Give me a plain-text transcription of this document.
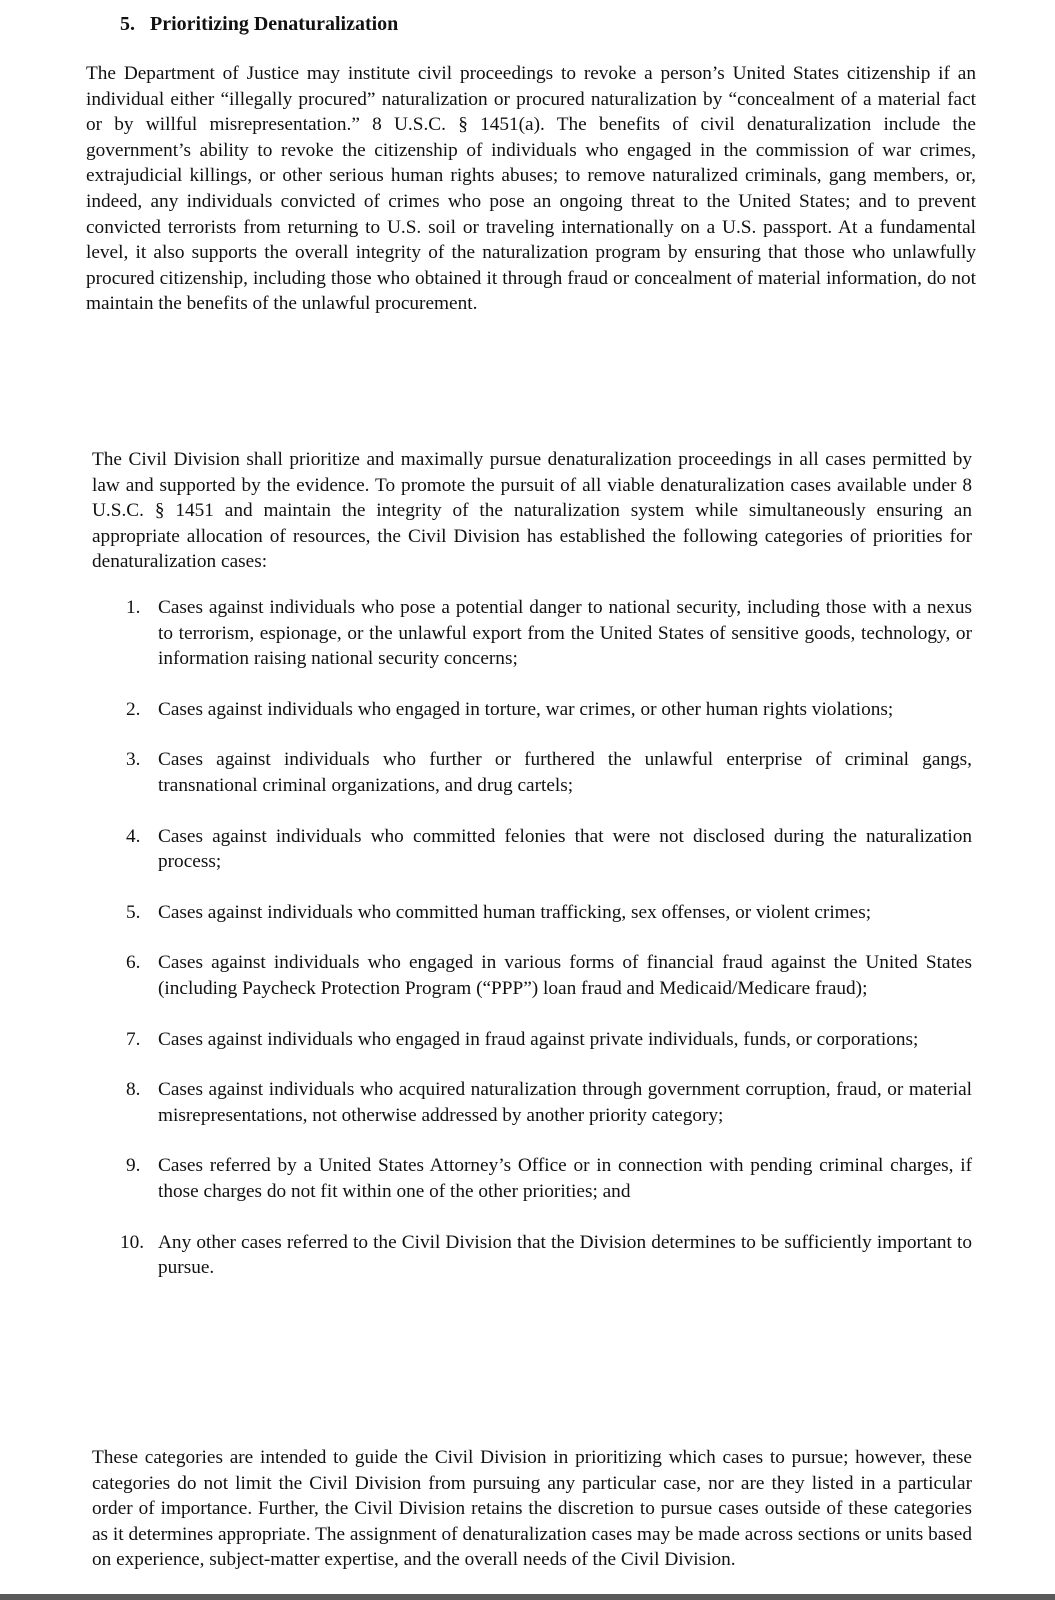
5. Prioritizing Denaturalization

The Department of Justice may institute civil proceedings to revoke a person’s United States citizenship if an individual either “illegally procured” naturalization or procured naturalization by “concealment of a material fact or by willful misrepresentation.” 8 U.S.C. § 1451(a). The benefits of civil denaturalization include the government’s ability to revoke the citizenship of individuals who engaged in the commission of war crimes, extrajudicial killings, or other serious human rights abuses; to remove naturalized criminals, gang members, or, indeed, any individuals convicted of crimes who pose an ongoing threat to the United States; and to prevent convicted terrorists from returning to U.S. soil or traveling internationally on a U.S. passport. At a fundamental level, it also supports the overall integrity of the naturalization program by ensuring that those who unlawfully procured citizenship, including those who obtained it through fraud or concealment of material information, do not maintain the benefits of the unlawful procurement.

The Civil Division shall prioritize and maximally pursue denaturalization proceedings in all cases permitted by law and supported by the evidence. To promote the pursuit of all viable denaturalization cases available under 8 U.S.C. § 1451 and maintain the integrity of the naturalization system while simultaneously ensuring an appropriate allocation of resources, the Civil Division has established the following categories of priorities for denaturalization cases:

1. Cases against individuals who pose a potential danger to national security, including those with a nexus to terrorism, espionage, or the unlawful export from the United States of sensitive goods, technology, or information raising national security concerns;
2. Cases against individuals who engaged in torture, war crimes, or other human rights violations;
3. Cases against individuals who further or furthered the unlawful enterprise of criminal gangs, transnational criminal organizations, and drug cartels;
4. Cases against individuals who committed felonies that were not disclosed during the naturalization process;
5. Cases against individuals who committed human trafficking, sex offenses, or violent crimes;
6. Cases against individuals who engaged in various forms of financial fraud against the United States (including Paycheck Protection Program (“PPP”) loan fraud and Medicaid/Medicare fraud);
7. Cases against individuals who engaged in fraud against private individuals, funds, or corporations;
8. Cases against individuals who acquired naturalization through government corruption, fraud, or material misrepresentations, not otherwise addressed by another priority category;
9. Cases referred by a United States Attorney’s Office or in connection with pending criminal charges, if those charges do not fit within one of the other priorities; and
10. Any other cases referred to the Civil Division that the Division determines to be sufficiently important to pursue.

These categories are intended to guide the Civil Division in prioritizing which cases to pursue; however, these categories do not limit the Civil Division from pursuing any particular case, nor are they listed in a particular order of importance. Further, the Civil Division retains the discretion to pursue cases outside of these categories as it determines appropriate. The assignment of denaturalization cases may be made across sections or units based on experience, subject-matter expertise, and the overall needs of the Civil Division.
